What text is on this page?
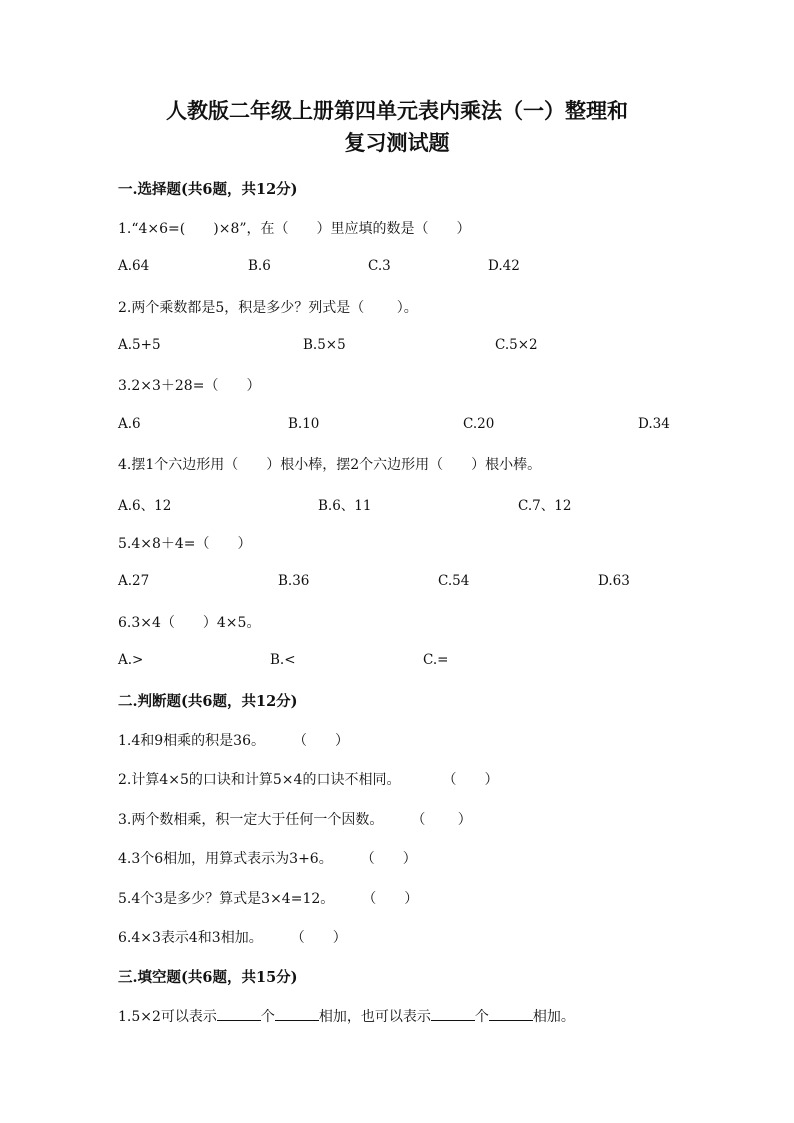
人教版二年级上册第四单元表内乘法（一）整理和
复习测试题
一.选择题(共6题，共12分)
1.“4×6=(　　)×8”，在（　　）里应填的数是（　　）
A.64	B.6	C.3	D.42
2.两个乘数都是5，积是多少？列式是（　　 ）。
A.5+5	B.5×5	C.5×2
3.2×3＋28=（　　）
A.6	B.10	C.20	D.34
4.摆1个六边形用（　　）根小棒，摆2个六边形用（　　）根小棒。
A.6、12	B.6、11	C.7、12
5.4×8＋4=（　　）
A.27	B.36	C.54	D.63
6.3×4（　　）4×5。
A.>	B.<	C.=
二.判断题(共6题，共12分)
1.4和9相乘的积是36。　　　（　　）
2.计算4×5的口诀和计算5×4的口诀不相同。　　　　（　　）
3.两个数相乘，积一定大于任何一个因数。　　　（　　 ）
4.3个6相加，用算式表示为3+6。　　　（　　）
5.4个3是多少？算式是3×4=12。　　　（　　）
6.4×3表示4和3相加。　　　（　　）
三.填空题(共6题，共15分)
1.5×2可以表示	个	相加，也可以表示	个	相加。
